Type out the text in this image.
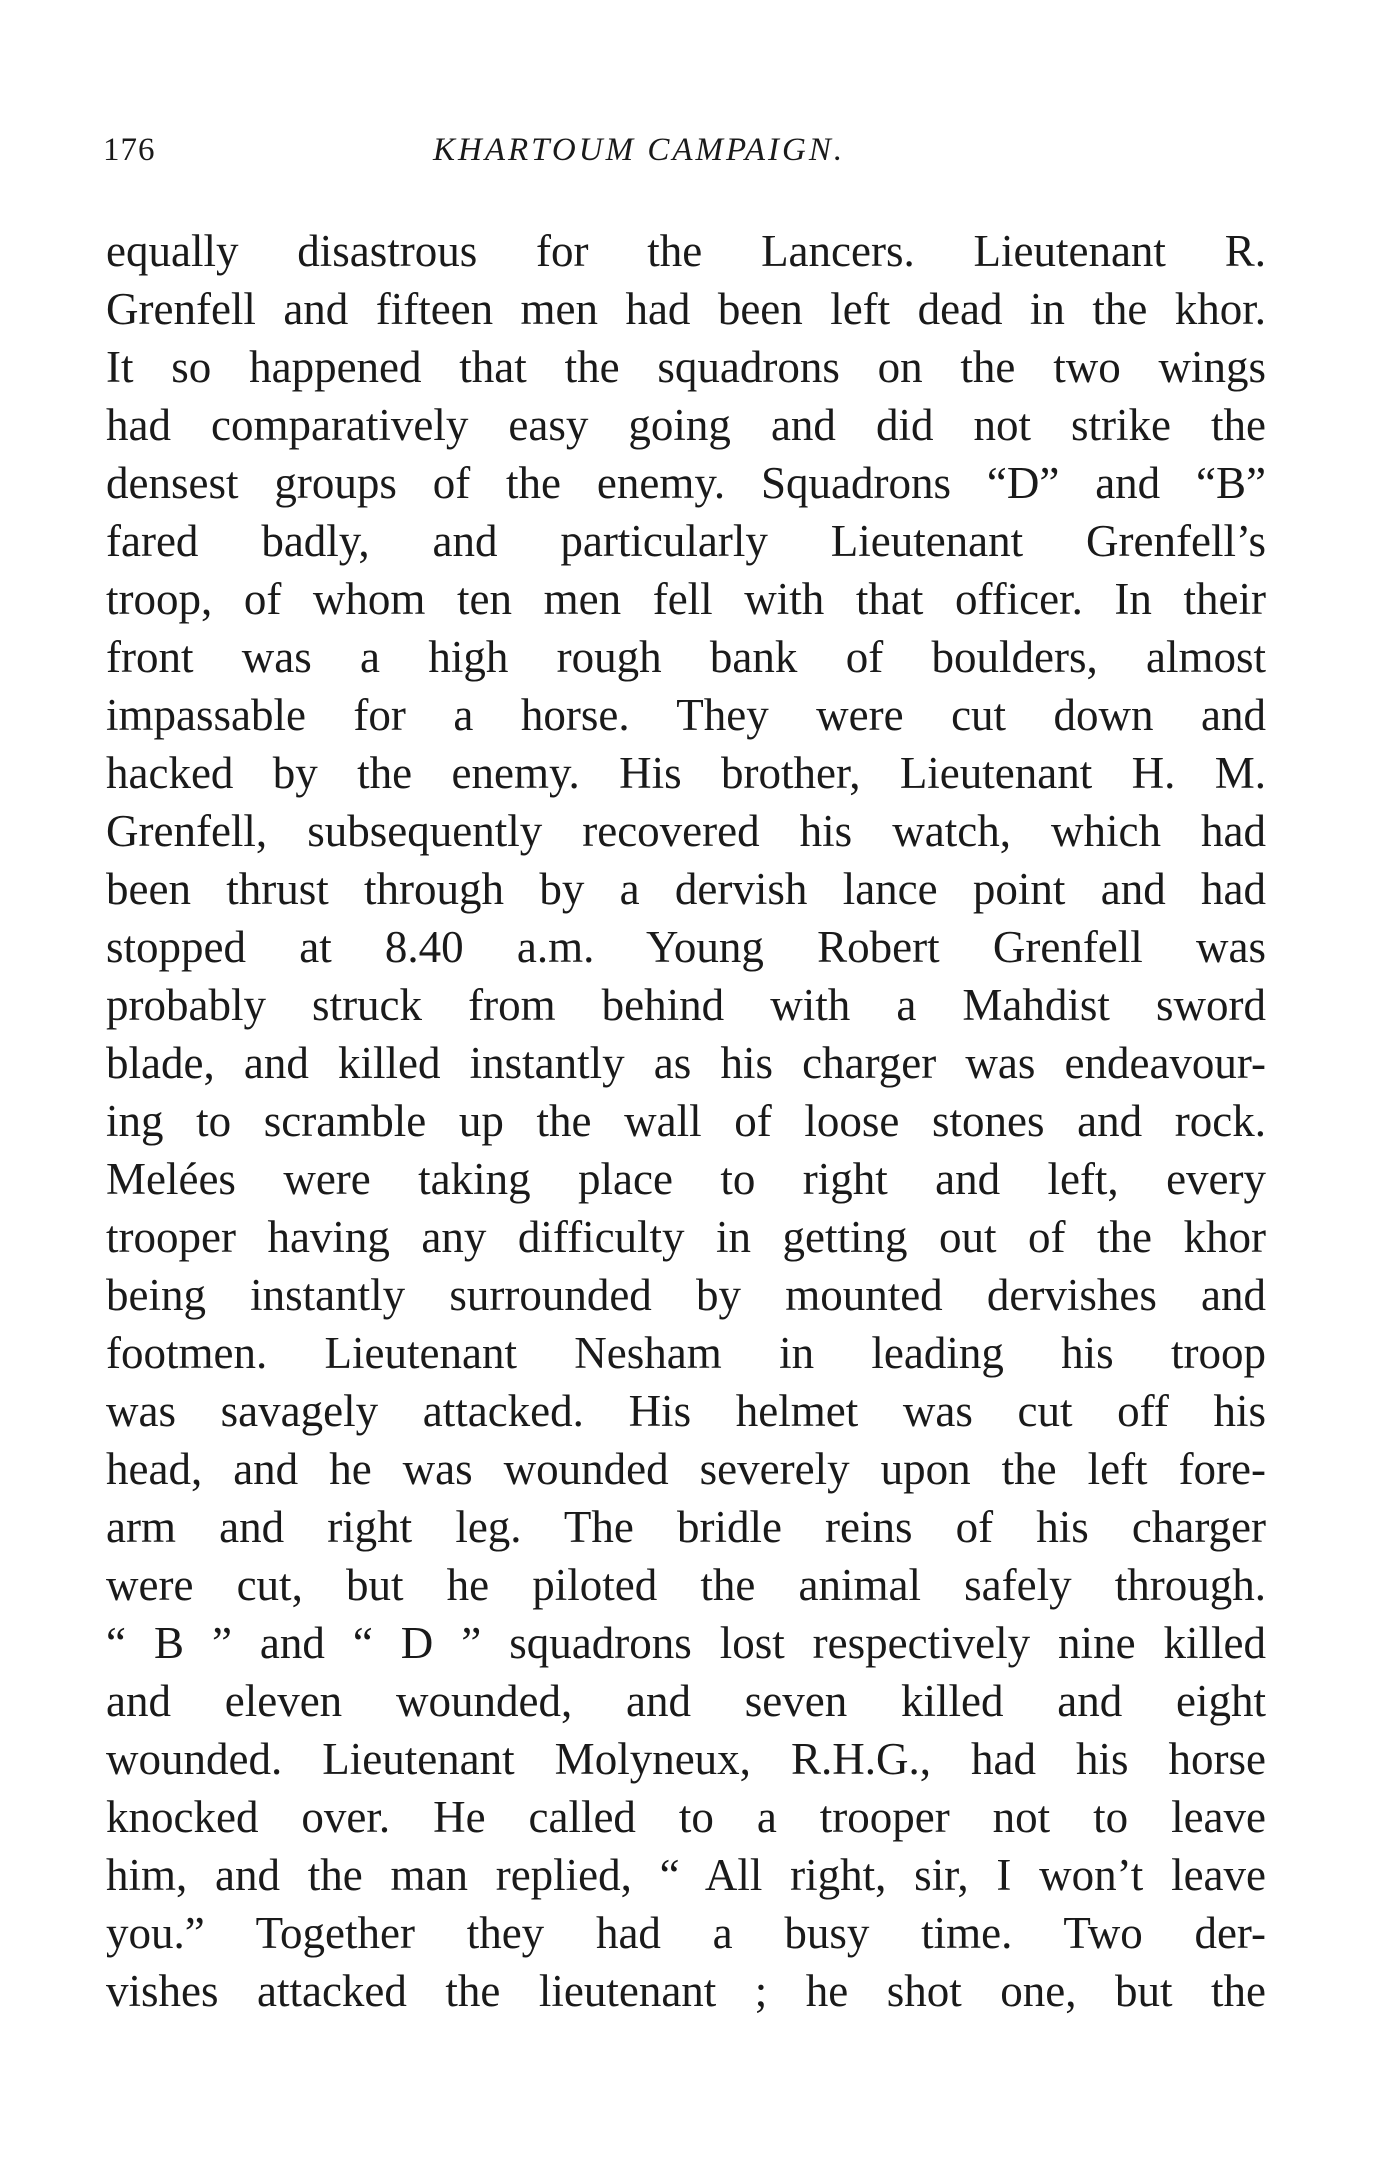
176	KHARTOUM CAMPAIGN.
equally disastrous for the Lancers. Lieutenant R.
Grenfell and fifteen men had been left dead in the khor.
It so happened that the squadrons on the two wings
had comparatively easy going and did not strike the
densest groups of the enemy. Squadrons “D” and “B”
fared badly, and particularly Lieutenant Grenfell’s
troop, of whom ten men fell with that officer. In their
front was a high rough bank of boulders, almost
impassable for a horse. They were cut down and
hacked by the enemy. His brother, Lieutenant H. M.
Grenfell, subsequently recovered his watch, which had
been thrust through by a dervish lance point and had
stopped at 8.40 a.m. Young Robert Grenfell was
probably struck from behind with a Mahdist sword
blade, and killed instantly as his charger was endeavour-
ing to scramble up the wall of loose stones and rock.
Melées were taking place to right and left, every
trooper having any difficulty in getting out of the khor
being instantly surrounded by mounted dervishes and
footmen. Lieutenant Nesham in leading his troop
was savagely attacked. His helmet was cut off his
head, and he was wounded severely upon the left fore-
arm and right leg. The bridle reins of his charger
were cut, but he piloted the animal safely through.
“ B ” and “ D ” squadrons lost respectively nine killed
and eleven wounded, and seven killed and eight
wounded. Lieutenant Molyneux, R.H.G., had his horse
knocked over. He called to a trooper not to leave
him, and the man replied, “ All right, sir, I won’t leave
you.” Together they had a busy time. Two der-
vishes attacked the lieutenant ; he shot one, but the
